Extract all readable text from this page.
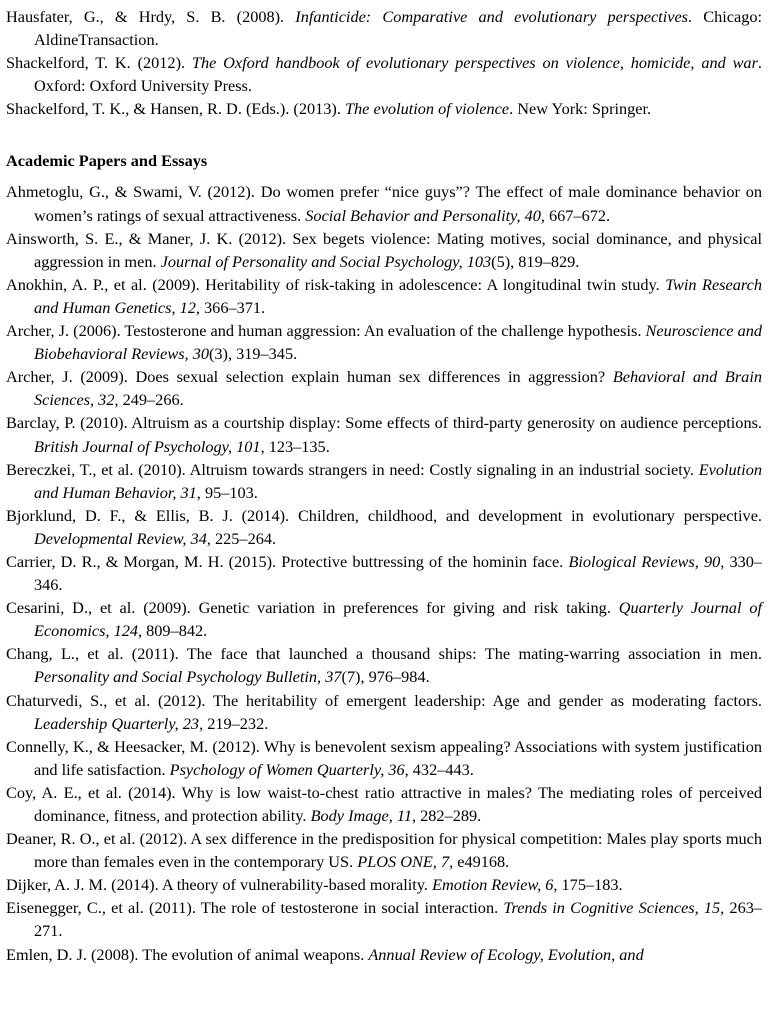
Hausfater, G., & Hrdy, S. B. (2008). Infanticide: Comparative and evolutionary perspectives. Chicago: AldineTransaction.
Shackelford, T. K. (2012). The Oxford handbook of evolutionary perspectives on violence, homicide, and war. Oxford: Oxford University Press.
Shackelford, T. K., & Hansen, R. D. (Eds.). (2013). The evolution of violence. New York: Springer.
Academic Papers and Essays
Ahmetoglu, G., & Swami, V. (2012). Do women prefer “nice guys”? The effect of male dominance behavior on women’s ratings of sexual attractiveness. Social Behavior and Personality, 40, 667–672.
Ainsworth, S. E., & Maner, J. K. (2012). Sex begets violence: Mating motives, social dominance, and physical aggression in men. Journal of Personality and Social Psychology, 103(5), 819–829.
Anokhin, A. P., et al. (2009). Heritability of risk-taking in adolescence: A longitudinal twin study. Twin Research and Human Genetics, 12, 366–371.
Archer, J. (2006). Testosterone and human aggression: An evaluation of the challenge hypothesis. Neuroscience and Biobehavioral Reviews, 30(3), 319–345.
Archer, J. (2009). Does sexual selection explain human sex differences in aggression? Behavioral and Brain Sciences, 32, 249–266.
Barclay, P. (2010). Altruism as a courtship display: Some effects of third-party generosity on audience perceptions. British Journal of Psychology, 101, 123–135.
Bereczkei, T., et al. (2010). Altruism towards strangers in need: Costly signaling in an industrial society. Evolution and Human Behavior, 31, 95–103.
Bjorklund, D. F., & Ellis, B. J. (2014). Children, childhood, and development in evolutionary perspective. Developmental Review, 34, 225–264.
Carrier, D. R., & Morgan, M. H. (2015). Protective buttressing of the hominin face. Biological Reviews, 90, 330–346.
Cesarini, D., et al. (2009). Genetic variation in preferences for giving and risk taking. Quarterly Journal of Economics, 124, 809–842.
Chang, L., et al. (2011). The face that launched a thousand ships: The mating-warring association in men. Personality and Social Psychology Bulletin, 37(7), 976–984.
Chaturvedi, S., et al. (2012). The heritability of emergent leadership: Age and gender as moderating factors. Leadership Quarterly, 23, 219–232.
Connelly, K., & Heesacker, M. (2012). Why is benevolent sexism appealing? Associations with system justification and life satisfaction. Psychology of Women Quarterly, 36, 432–443.
Coy, A. E., et al. (2014). Why is low waist-to-chest ratio attractive in males? The mediating roles of perceived dominance, fitness, and protection ability. Body Image, 11, 282–289.
Deaner, R. O., et al. (2012). A sex difference in the predisposition for physical competition: Males play sports much more than females even in the contemporary US. PLOS ONE, 7, e49168.
Dijker, A. J. M. (2014). A theory of vulnerability-based morality. Emotion Review, 6, 175–183.
Eisenegger, C., et al. (2011). The role of testosterone in social interaction. Trends in Cognitive Sciences, 15, 263–271.
Emlen, D. J. (2008). The evolution of animal weapons. Annual Review of Ecology, Evolution, and
